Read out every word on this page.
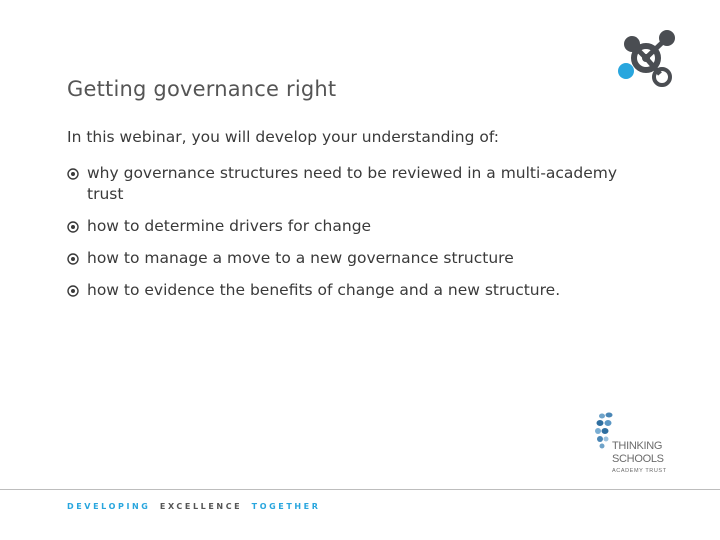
Getting governance right
In this webinar, you will develop your understanding of:
why governance structures need to be reviewed in a multi-academy trust
how to determine drivers for change
how to manage a move to a new governance structure
how to evidence the benefits of change and a new structure.
THINKING
SCHOOLS
ACADEMY TRUST
DEVELOPING EXCELLENCE TOGETHER
